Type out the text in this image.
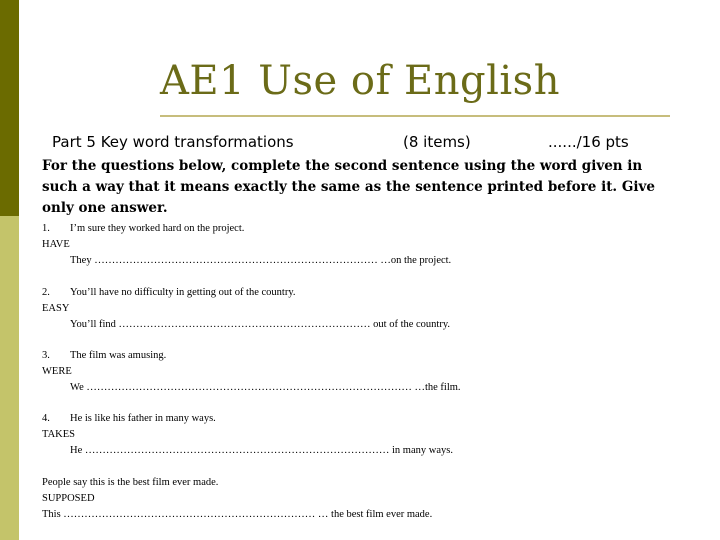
AE1 Use of English
Part 5 Key word transformations	(8 items)	....../16 pts
For the questions below, complete the second sentence using the word given in such a way that it means exactly the same as the sentence printed before it. Give only one answer.
1. I’m sure they worked hard on the project.
HAVE
They ……………………………………………………………………… …on the project.
2. You’ll have no difficulty in getting out of the country.
EASY
You’ll find ……………………………………………………………… out of the country.
3. The film was amusing.
WERE
We ………………………………………………………………………………… …the film.
4. He is like his father in many ways.
TAKES
He …………………………………………………………………………… in many ways.
People say this is the best film ever made.
SUPPOSED
This ……………………………………………………………… … the best film ever made.
